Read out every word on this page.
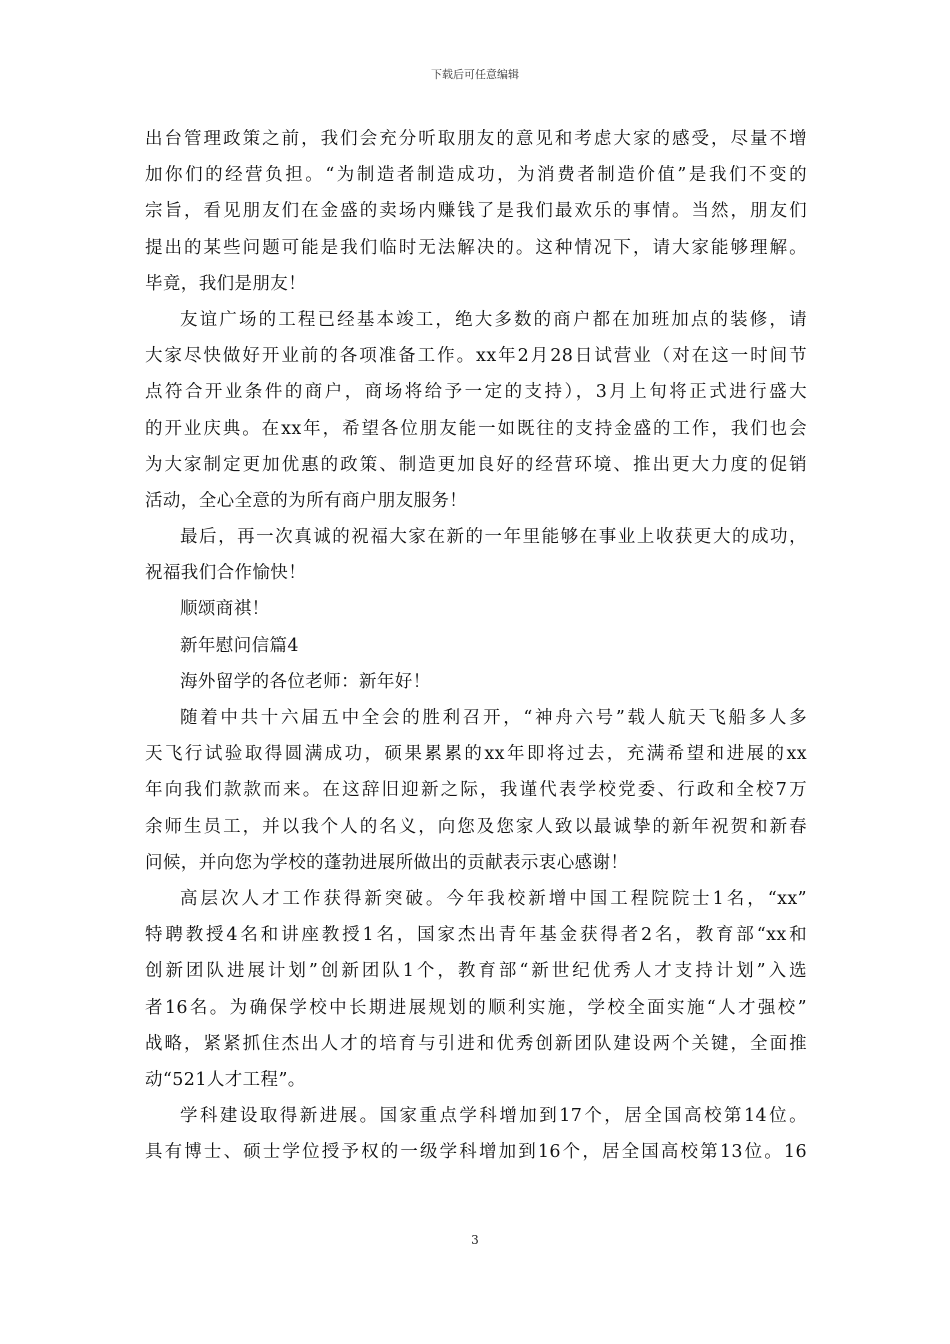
下载后可任意编辑
出台管理政策之前，我们会充分听取朋友的意见和考虑大家的感受，尽量不增
加你们的经营负担。“为制造者制造成功，为消费者制造价值”是我们不变的
宗旨，看见朋友们在金盛的卖场内赚钱了是我们最欢乐的事情。当然，朋友们
提出的某些问题可能是我们临时无法解决的。这种情况下，请大家能够理解。
毕竟，我们是朋友！
友谊广场的工程已经基本竣工，绝大多数的商户都在加班加点的装修，请
大家尽快做好开业前的各项准备工作。xx年2月28日试营业（对在这一时间节
点符合开业条件的商户，商场将给予一定的支持），3月上旬将正式进行盛大
的开业庆典。在xx年，希望各位朋友能一如既往的支持金盛的工作，我们也会
为大家制定更加优惠的政策、制造更加良好的经营环境、推出更大力度的促销
活动，全心全意的为所有商户朋友服务！
最后，再一次真诚的祝福大家在新的一年里能够在事业上收获更大的成功，
祝福我们合作愉快！
顺颂商祺！
新年慰问信篇4
海外留学的各位老师：新年好！
随着中共十六届五中全会的胜利召开，“神舟六号”载人航天飞船多人多
天飞行试验取得圆满成功，硕果累累的xx年即将过去，充满希望和进展的xx
年向我们款款而来。在这辞旧迎新之际，我谨代表学校党委、行政和全校7万
余师生员工，并以我个人的名义，向您及您家人致以最诚挚的新年祝贺和新春
问候，并向您为学校的蓬勃进展所做出的贡献表示衷心感谢！
高层次人才工作获得新突破。今年我校新增中国工程院院士1名，“xx”
特聘教授4名和讲座教授1名，国家杰出青年基金获得者2名，教育部“xx和
创新团队进展计划”创新团队1个，教育部“新世纪优秀人才支持计划”入选
者16名。为确保学校中长期进展规划的顺利实施，学校全面实施“人才强校”
战略，紧紧抓住杰出人才的培育与引进和优秀创新团队建设两个关键，全面推
动“521人才工程”。
学科建设取得新进展。国家重点学科增加到17个，居全国高校第14位。
具有博士、硕士学位授予权的一级学科增加到16个，居全国高校第13位。16
3
